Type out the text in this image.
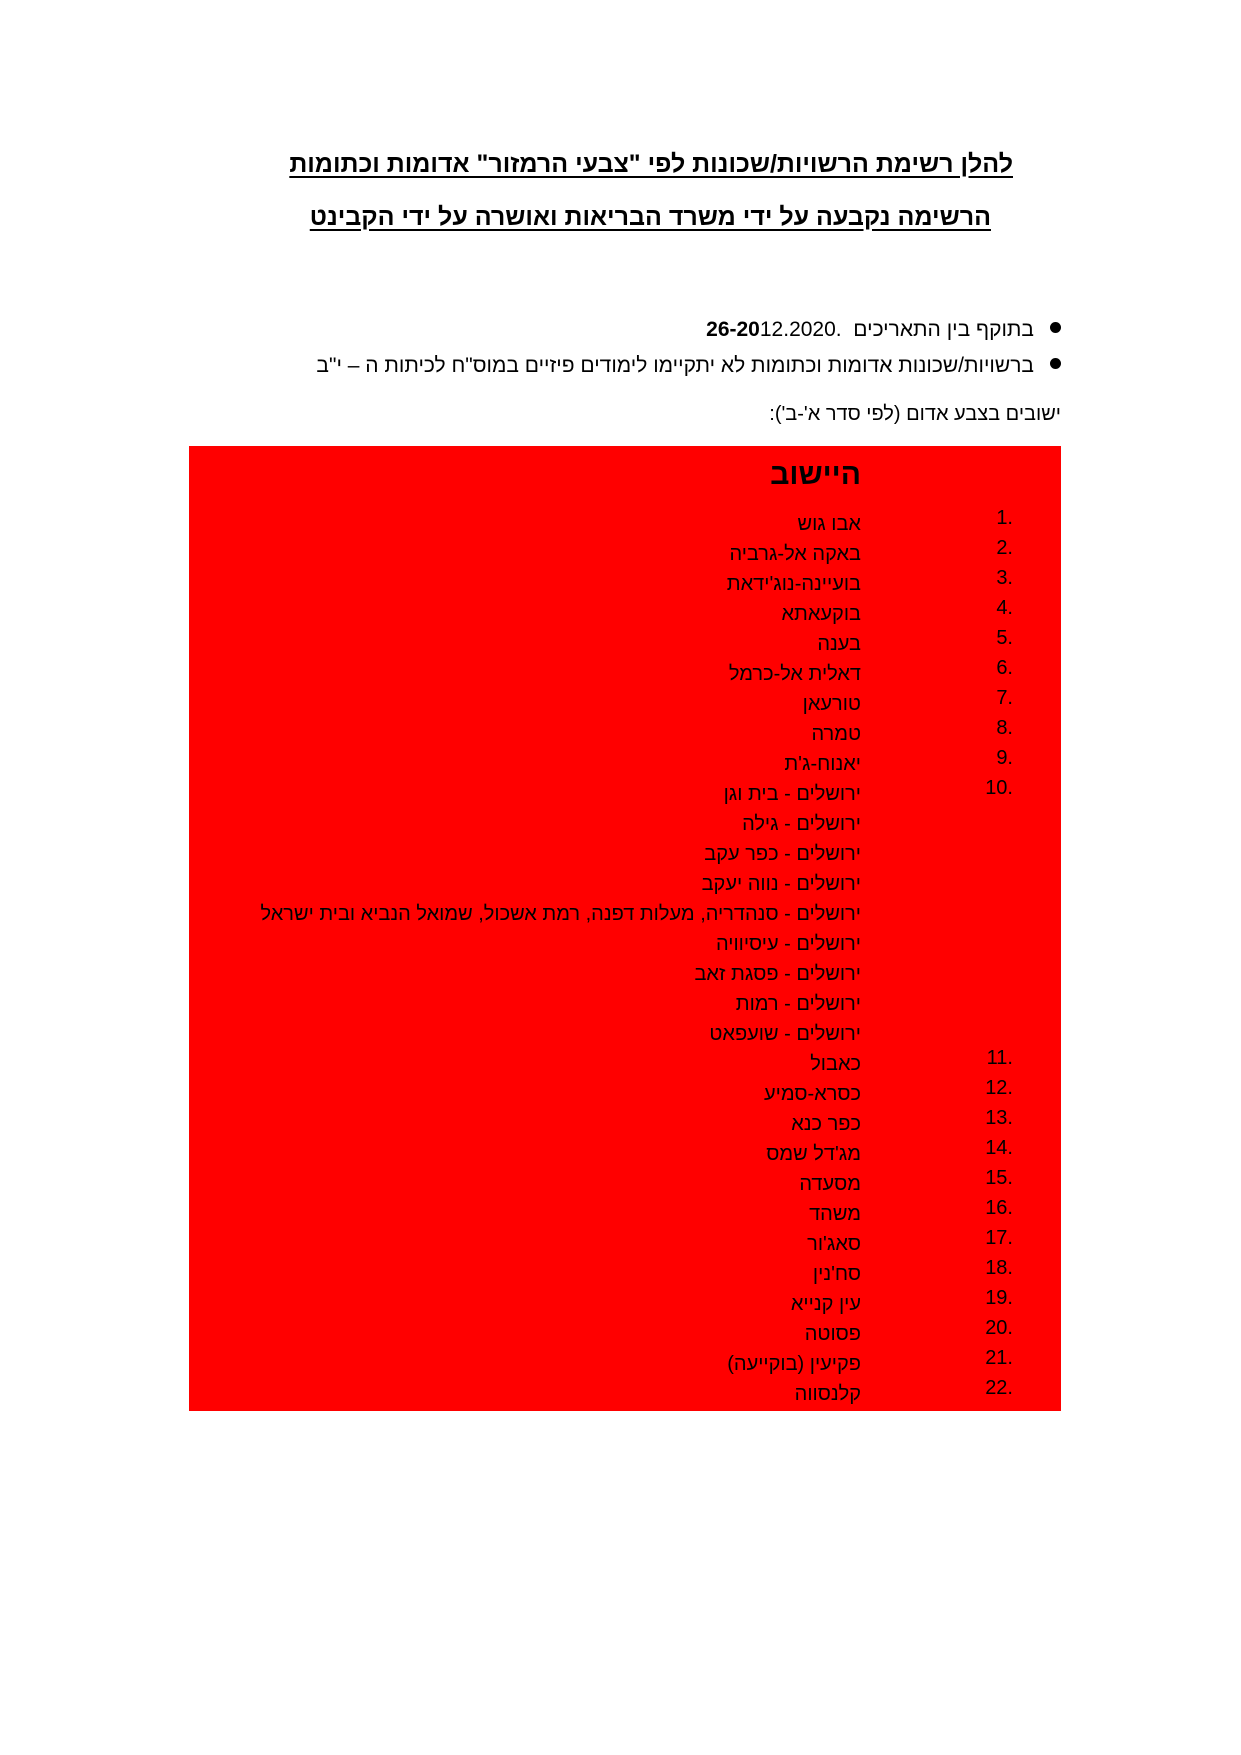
להלן רשימת הרשויות/שכונות לפי "צבעי הרמזור" אדומות וכתומות
הרשימה נקבעה על ידי משרד הבריאות ואושרה על ידי הקבינט
בתוקף בין התאריכים  26-2012.2020.
ברשויות/שכונות אדומות וכתומות לא יתקיימו לימודים פיזיים במוס"ח לכיתות ה – י"ב
ישובים בצבע אדום (לפי סדר א'-ב'):
היישוב
1.
אבו גוש
2.
באקה אל-גרביה
3.
בועיינה-נוג'ידאת
4.
בוקעאתא
5.
בענה
6.
דאלית אל-כרמל
7.
טורעאן
8.
טמרה
9.
יאנוח-ג'ת
10.
ירושלים - בית וגן
ירושלים - גילה
ירושלים - כפר עקב
ירושלים - נווה יעקב
ירושלים - סנהדריה, מעלות דפנה, רמת אשכול, שמואל הנביא ובית ישראל
ירושלים - עיסיוויה
ירושלים - פסגת זאב
ירושלים - רמות
ירושלים - שועפאט
11.
כאבול
12.
כסרא-סמיע
13.
כפר כנא
14.
מג'דל שמס
15.
מסעדה
16.
משהד
17.
סאג'ור
18.
סח'נין
19.
עין קנייא
20.
פסוטה
21.
פקיעין (בוקייעה)
22.
קלנסווה
